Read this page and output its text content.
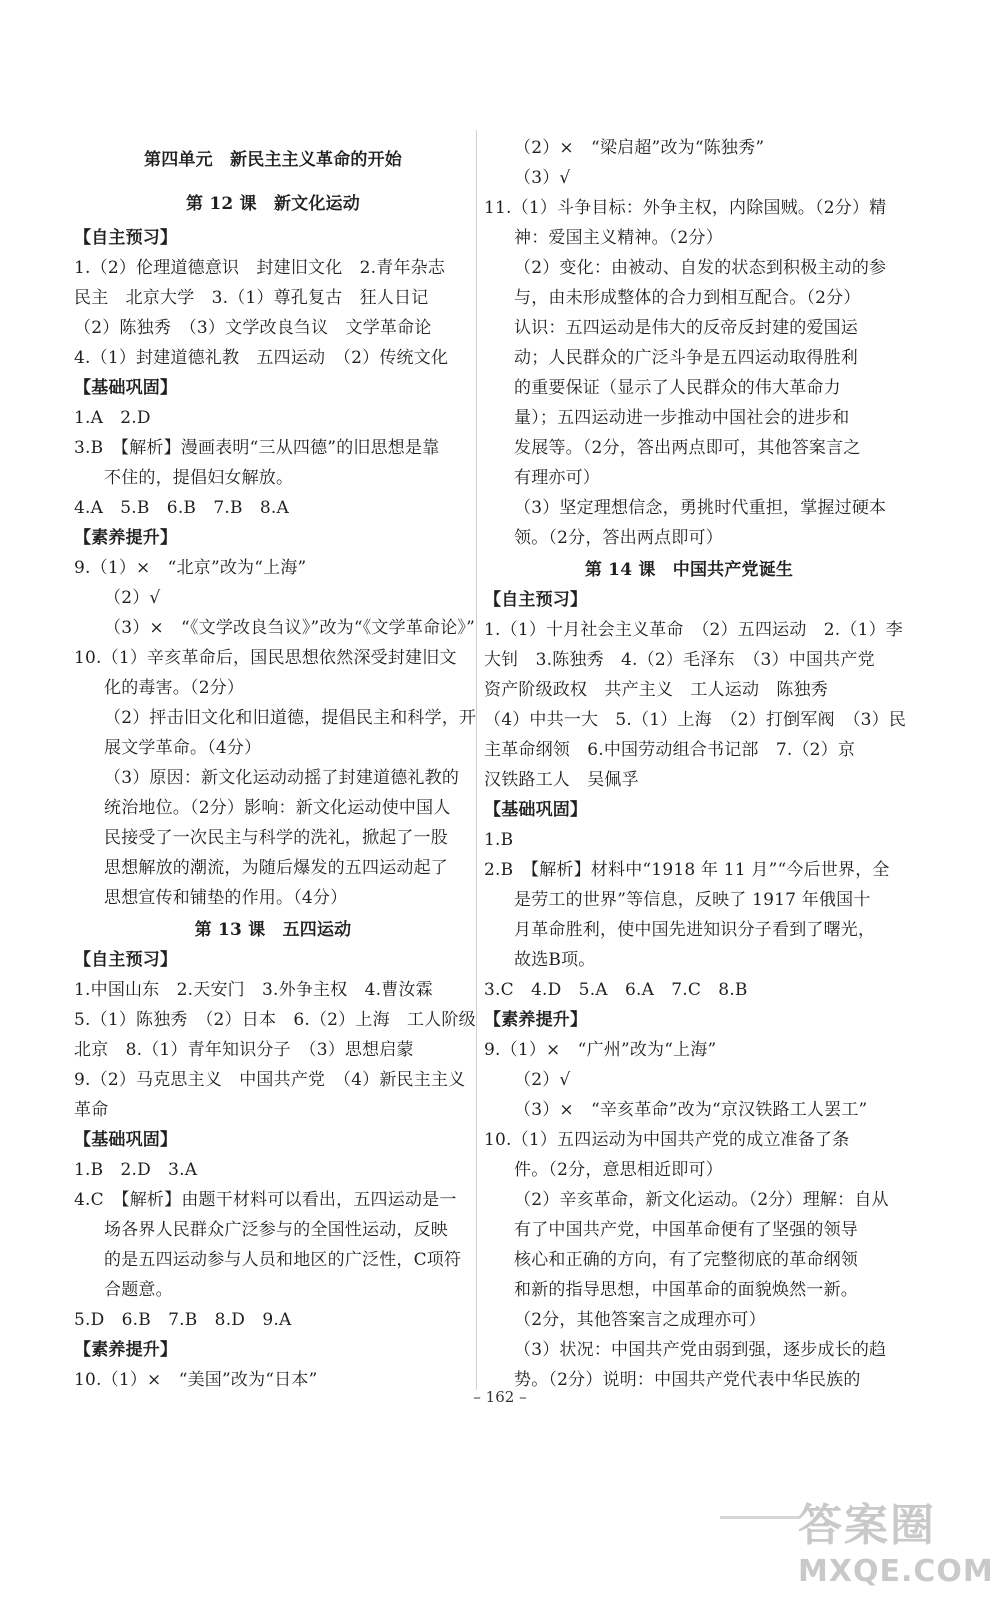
第四单元　新民主主义革命的开始
第 12 课　新文化运动
【自主预习】
1.（2）伦理道德意识　封建旧文化　2.青年杂志
民主　北京大学　3.（1）尊孔复古　狂人日记
（2）陈独秀　（3）文学改良刍议　文学革命论
4.（1）封建道德礼教　五四运动　（2）传统文化
【基础巩固】
1.A　2.D
3.B　【解析】漫画表明“三从四德”的旧思想是靠
不住的，提倡妇女解放。
4.A　5.B　6.B　7.B　8.A
【素养提升】
9.（1）×　“北京”改为“上海”
（2）√
（3）×　“《文学改良刍议》”改为“《文学革命论》”
10.（1）辛亥革命后，国民思想依然深受封建旧文
化的毒害。（2分）
（2）抨击旧文化和旧道德，提倡民主和科学，开
展文学革命。（4分）
（3）原因：新文化运动动摇了封建道德礼教的
统治地位。（2分）影响：新文化运动使中国人
民接受了一次民主与科学的洗礼，掀起了一股
思想解放的潮流，为随后爆发的五四运动起了
思想宣传和铺垫的作用。（4分）
第 13 课　五四运动
【自主预习】
1.中国山东　2.天安门　3.外争主权　4.曹汝霖
5.（1）陈独秀　（2）日本　6.（2）上海　工人阶级
北京　8.（1）青年知识分子　（3）思想启蒙
9.（2）马克思主义　中国共产党　（4）新民主主义
革命
【基础巩固】
1.B　2.D　3.A
4.C　【解析】由题干材料可以看出，五四运动是一
场各界人民群众广泛参与的全国性运动，反映
的是五四运动参与人员和地区的广泛性，C项符
合题意。
5.D　6.B　7.B　8.D　9.A
【素养提升】
10.（1）×　“美国”改为“日本”
（2）×　“梁启超”改为“陈独秀”
（3）√
11.（1）斗争目标：外争主权，内除国贼。（2分）精
神：爱国主义精神。（2分）
（2）变化：由被动、自发的状态到积极主动的参
与，由未形成整体的合力到相互配合。（2分）
认识：五四运动是伟大的反帝反封建的爱国运
动；人民群众的广泛斗争是五四运动取得胜利
的重要保证（显示了人民群众的伟大革命力
量）；五四运动进一步推动中国社会的进步和
发展等。（2分，答出两点即可，其他答案言之
有理亦可）
（3）坚定理想信念，勇挑时代重担，掌握过硬本
领。（2分，答出两点即可）
第 14 课　中国共产党诞生
【自主预习】
1.（1）十月社会主义革命　（2）五四运动　2.（1）李
大钊　3.陈独秀　4.（2）毛泽东　（3）中国共产党
资产阶级政权　共产主义　工人运动　陈独秀
（4）中共一大　5.（1）上海　（2）打倒军阀　（3）民
主革命纲领　6.中国劳动组合书记部　7.（2）京
汉铁路工人　吴佩孚
【基础巩固】
1.B
2.B　【解析】材料中“1918 年 11 月”“今后世界，全
是劳工的世界”等信息，反映了 1917 年俄国十
月革命胜利，使中国先进知识分子看到了曙光，
故选B项。
3.C　4.D　5.A　6.A　7.C　8.B
【素养提升】
9.（1）×　“广州”改为“上海”
（2）√
（3）×　“辛亥革命”改为“京汉铁路工人罢工”
10.（1）五四运动为中国共产党的成立准备了条
件。（2分，意思相近即可）
（2）辛亥革命，新文化运动。（2分）理解：自从
有了中国共产党，中国革命便有了坚强的领导
核心和正确的方向，有了完整彻底的革命纲领
和新的指导思想，中国革命的面貌焕然一新。
（2分，其他答案言之成理亦可）
（3）状况：中国共产党由弱到强，逐步成长的趋
势。（2分）说明：中国共产党代表中华民族的
– 162 –
答案圈
MXQE.COM
